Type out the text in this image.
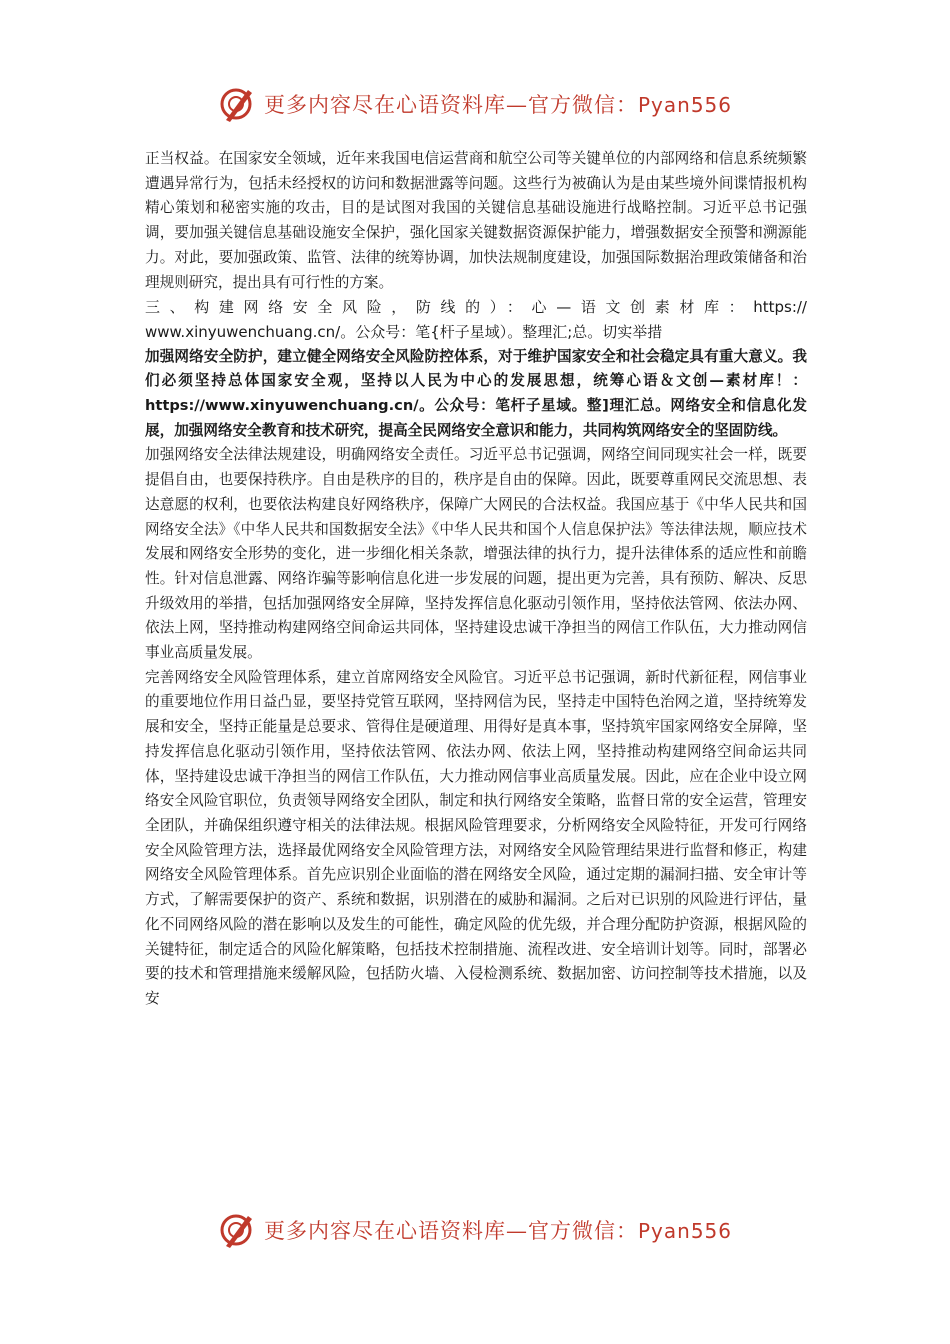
更多内容尽在心语资料库—官方微信：Pyan556

正当权益。在国家安全领域，近年来我国电信运营商和航空公司等关键单位的内部网络和信息系统频繁遭遇异常行为，包括未经授权的访问和数据泄露等问题。这些行为被确认为是由某些境外间谍情报机构精心策划和秘密实施的攻击，目的是试图对我国的关键信息基础设施进行战略控制。习近平总书记强调，要加强关键信息基础设施安全保护，强化国家关键数据资源保护能力，增强数据安全预警和溯源能力。对此，要加强政策、监管、法律的统筹协调，加快法规制度建设，加强国际数据治理政策储备和治理规则研究，提出具有可行性的方案。

三、构建网络安全风险，防线的）：心—语文创素材库：https://

www.xinyuwenchuang.cn/。公众号：笔{杆子星域）。整理汇;总。切实举措

加强网络安全防护，建立健全网络安全风险防控体系，对于维护国家安全和社会稳定具有重大意义。我们必须坚持总体国家安全观，坚持以人民为中心的发展思想，统筹心语＆文创—素材库！：https://www.xinyuwenchuang.cn/。公众号：笔杆子星域。整]理汇总。网络安全和信息化发展，加强网络安全教育和技术研究，提高全民网络安全意识和能力，共同构筑网络安全的坚固防线。

加强网络安全法律法规建设，明确网络安全责任。习近平总书记强调，网络空间同现实社会一样，既要提倡自由，也要保持秩序。自由是秩序的目的，秩序是自由的保障。因此，既要尊重网民交流思想、表达意愿的权利，也要依法构建良好网络秩序，保障广大网民的合法权益。我国应基于《中华人民共和国网络安全法》《中华人民共和国数据安全法》《中华人民共和国个人信息保护法》等法律法规，顺应技术发展和网络安全形势的变化，进一步细化相关条款，增强法律的执行力，提升法律体系的适应性和前瞻性。针对信息泄露、网络诈骗等影响信息化进一步发展的问题，提出更为完善，具有预防、解决、反思升级效用的举措，包括加强网络安全屏障，坚持发挥信息化驱动引领作用，坚持依法管网、依法办网、依法上网，坚持推动构建网络空间命运共同体，坚持建设忠诚干净担当的网信工作队伍，大力推动网信事业高质量发展。

完善网络安全风险管理体系，建立首席网络安全风险官。习近平总书记强调，新时代新征程，网信事业的重要地位作用日益凸显，要坚持党管互联网，坚持网信为民，坚持走中国特色治网之道，坚持统筹发展和安全，坚持正能量是总要求、管得住是硬道理、用得好是真本事，坚持筑牢国家网络安全屏障，坚持发挥信息化驱动引领作用，坚持依法管网、依法办网、依法上网，坚持推动构建网络空间命运共同体，坚持建设忠诚干净担当的网信工作队伍，大力推动网信事业高质量发展。因此，应在企业中设立网络安全风险官职位，负责领导网络安全团队，制定和执行网络安全策略，监督日常的安全运营，管理安全团队，并确保组织遵守相关的法律法规。根据风险管理要求，分析网络安全风险特征，开发可行网络安全风险管理方法，选择最优网络安全风险管理方法，对网络安全风险管理结果进行监督和修正，构建网络安全风险管理体系。首先应识别企业面临的潜在网络安全风险，通过定期的漏洞扫描、安全审计等方式，了解需要保护的资产、系统和数据，识别潜在的威胁和漏洞。之后对已识别的风险进行评估，量化不同网络风险的潜在影响以及发生的可能性，确定风险的优先级，并合理分配防护资源，根据风险的关键特征，制定适合的风险化解策略，包括技术控制措施、流程改进、安全培训计划等。同时，部署必要的技术和管理措施来缓解风险，包括防火墙、入侵检测系统、数据加密、访问控制等技术措施，以及安

更多内容尽在心语资料库—官方微信：Pyan556
